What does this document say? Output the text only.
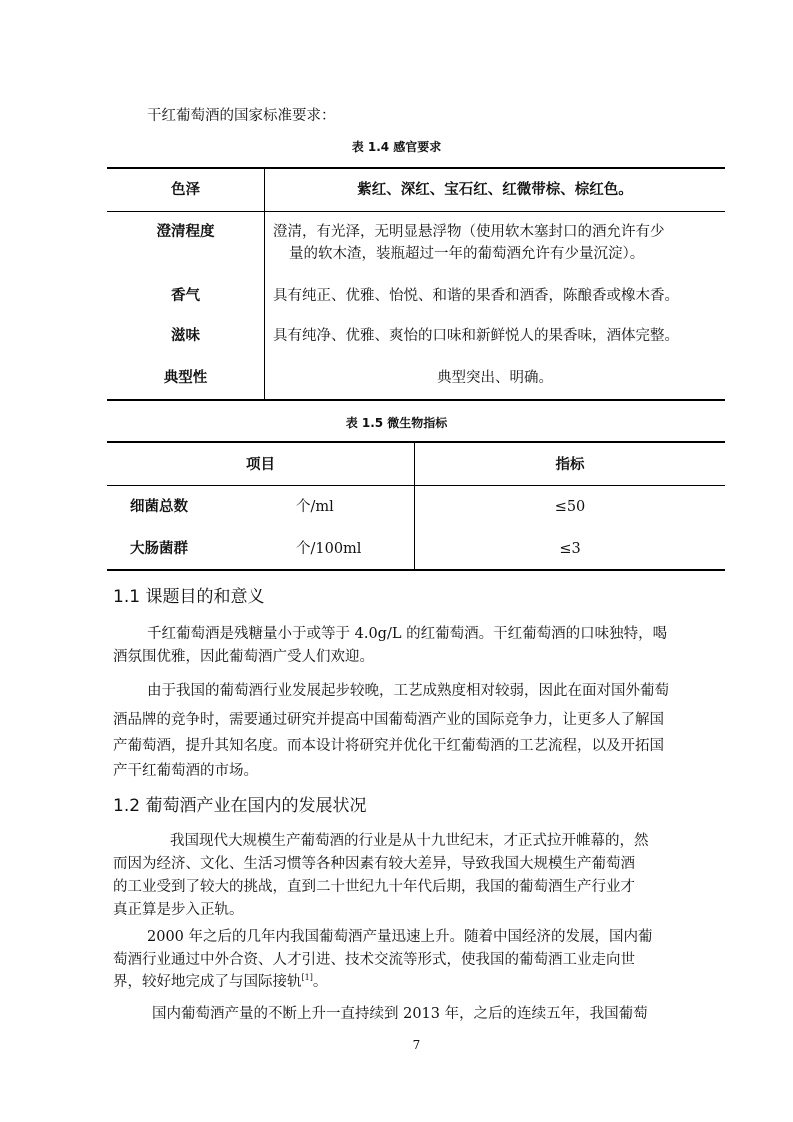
干红葡萄酒的国家标准要求：
表 1.4 感官要求
色泽	紫红、深红、宝石红、红微带棕、棕红色。
澄清程度	澄清，有光泽，无明显悬浮物（使用软木塞封口的酒允许有少
量的软木渣，装瓶超过一年的葡萄酒允许有少量沉淀）。
香气	具有纯正、优雅、怡悦、和谐的果香和酒香，陈酿香或橡木香。
滋味	具有纯净、优雅、爽怡的口味和新鲜悦人的果香味，酒体完整。
典型性	典型突出、明确。
表 1.5 微生物指标
项目	指标
细菌总数	个/ml	≤50
大肠菌群	个/100ml	≤3
1.1 课题目的和意义
千红葡萄酒是残糖量小于或等于 4.0g/L 的红葡萄酒。干红葡萄酒的口味独特，喝
酒氛围优雅，因此葡萄酒广受人们欢迎。
由于我国的葡萄酒行业发展起步较晚，工艺成熟度相对较弱，因此在面对国外葡萄
酒品牌的竞争时，需要通过研究并提高中国葡萄酒产业的国际竞争力，让更多人了解国
产葡萄酒，提升其知名度。而本设计将研究并优化干红葡萄酒的工艺流程，以及开拓国
产干红葡萄酒的市场。
1.2 葡萄酒产业在国内的发展状况
我国现代大规模生产葡萄酒的行业是从十九世纪末，才正式拉开帷幕的，然
而因为经济、文化、生活习惯等各种因素有较大差异，导致我国大规模生产葡萄酒
的工业受到了较大的挑战，直到二十世纪九十年代后期，我国的葡萄酒生产行业才
真正算是步入正轨。
2000 年之后的几年内我国葡萄酒产量迅速上升。随着中国经济的发展，国内葡
萄酒行业通过中外合资、人才引进、技术交流等形式，使我国的葡萄酒工业走向世
界，较好地完成了与国际接轨[1]。
国内葡萄酒产量的不断上升一直持续到 2013 年，之后的连续五年，我国葡萄
7
